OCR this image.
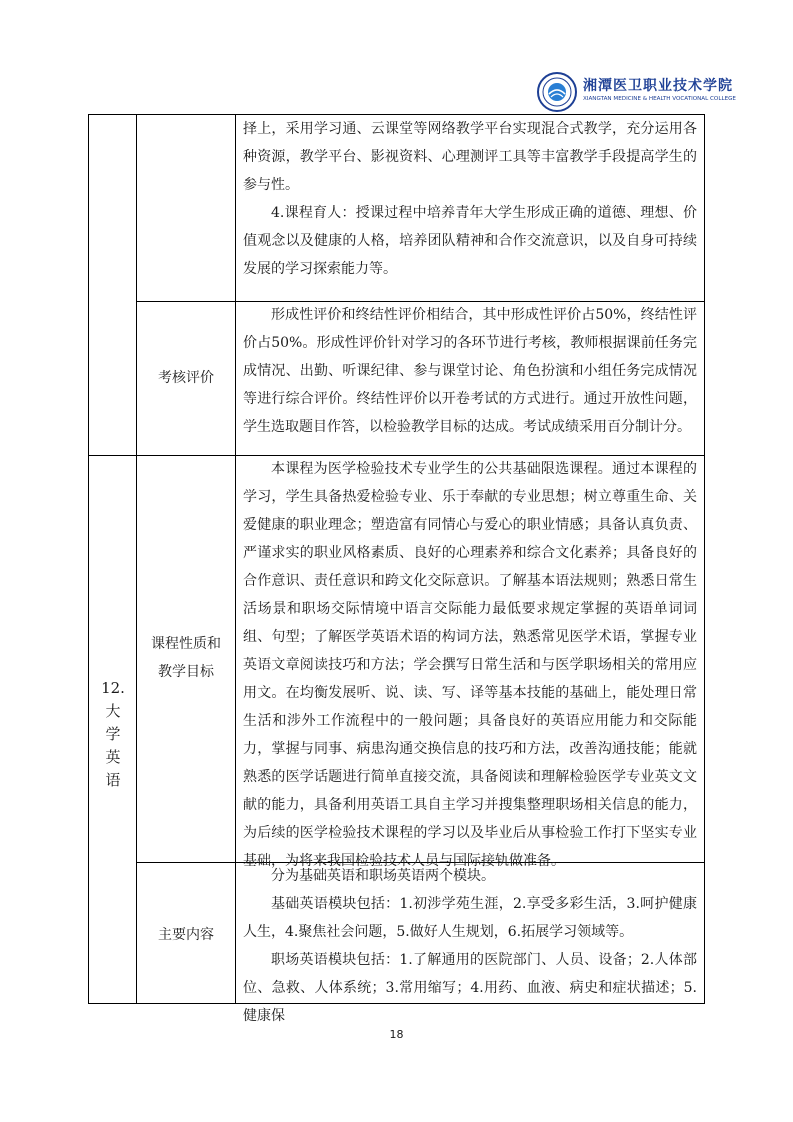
湘潭医卫职业技术学院
XIANGTAN MEDICINE & HEALTH VOCATIONAL COLLEGE

择上，采用学习通、云课堂等网络教学平台实现混合式教学，充分运用各种资源，教学平台、影视资料、心理测评工具等丰富教学手段提高学生的参与性。

4.课程育人：授课过程中培养青年大学生形成正确的道德、理想、价值观念以及健康的人格，培养团队精神和合作交流意识，以及自身可持续发展的学习探索能力等。

考核评价

形成性评价和终结性评价相结合，其中形成性评价占50%，终结性评价占50%。形成性评价针对学习的各环节进行考核，教师根据课前任务完成情况、出勤、听课纪律、参与课堂讨论、角色扮演和小组任务完成情况等进行综合评价。终结性评价以开卷考试的方式进行。通过开放性问题，学生选取题目作答，以检验教学目标的达成。考试成绩采用百分制计分。

12.
大
学
英
语
课程性质和
教学目标

本课程为医学检验技术专业学生的公共基础限选课程。通过本课程的学习，学生具备热爱检验专业、乐于奉献的专业思想；树立尊重生命、关爱健康的职业理念；塑造富有同情心与爱心的职业情感；具备认真负责、严谨求实的职业风格素质、良好的心理素养和综合文化素养；具备良好的合作意识、责任意识和跨文化交际意识。了解基本语法规则；熟悉日常生活场景和职场交际情境中语言交际能力最低要求规定掌握的英语单词词组、句型；了解医学英语术语的构词方法，熟悉常见医学术语，掌握专业英语文章阅读技巧和方法；学会撰写日常生活和与医学职场相关的常用应用文。在均衡发展听、说、读、写、译等基本技能的基础上，能处理日常生活和涉外工作流程中的一般问题；具备良好的英语应用能力和交际能力，掌握与同事、病患沟通交换信息的技巧和方法，改善沟通技能；能就熟悉的医学话题进行简单直接交流，具备阅读和理解检验医学专业英文文献的能力，具备利用英语工具自主学习并搜集整理职场相关信息的能力，为后续的医学检验技术课程的学习以及毕业后从事检验工作打下坚实专业基础，为将来我国检验技术人员与国际接轨做准备。

主要内容

分为基础英语和职场英语两个模块。

基础英语模块包括：1.初涉学苑生涯，2.享受多彩生活，3.呵护健康人生，4.聚焦社会问题，5.做好人生规划，6.拓展学习领域等。

职场英语模块包括：1.了解通用的医院部门、人员、设备；2.人体部位、急救、人体系统；3.常用缩写；4.用药、血液、病史和症状描述；5.健康保

18
